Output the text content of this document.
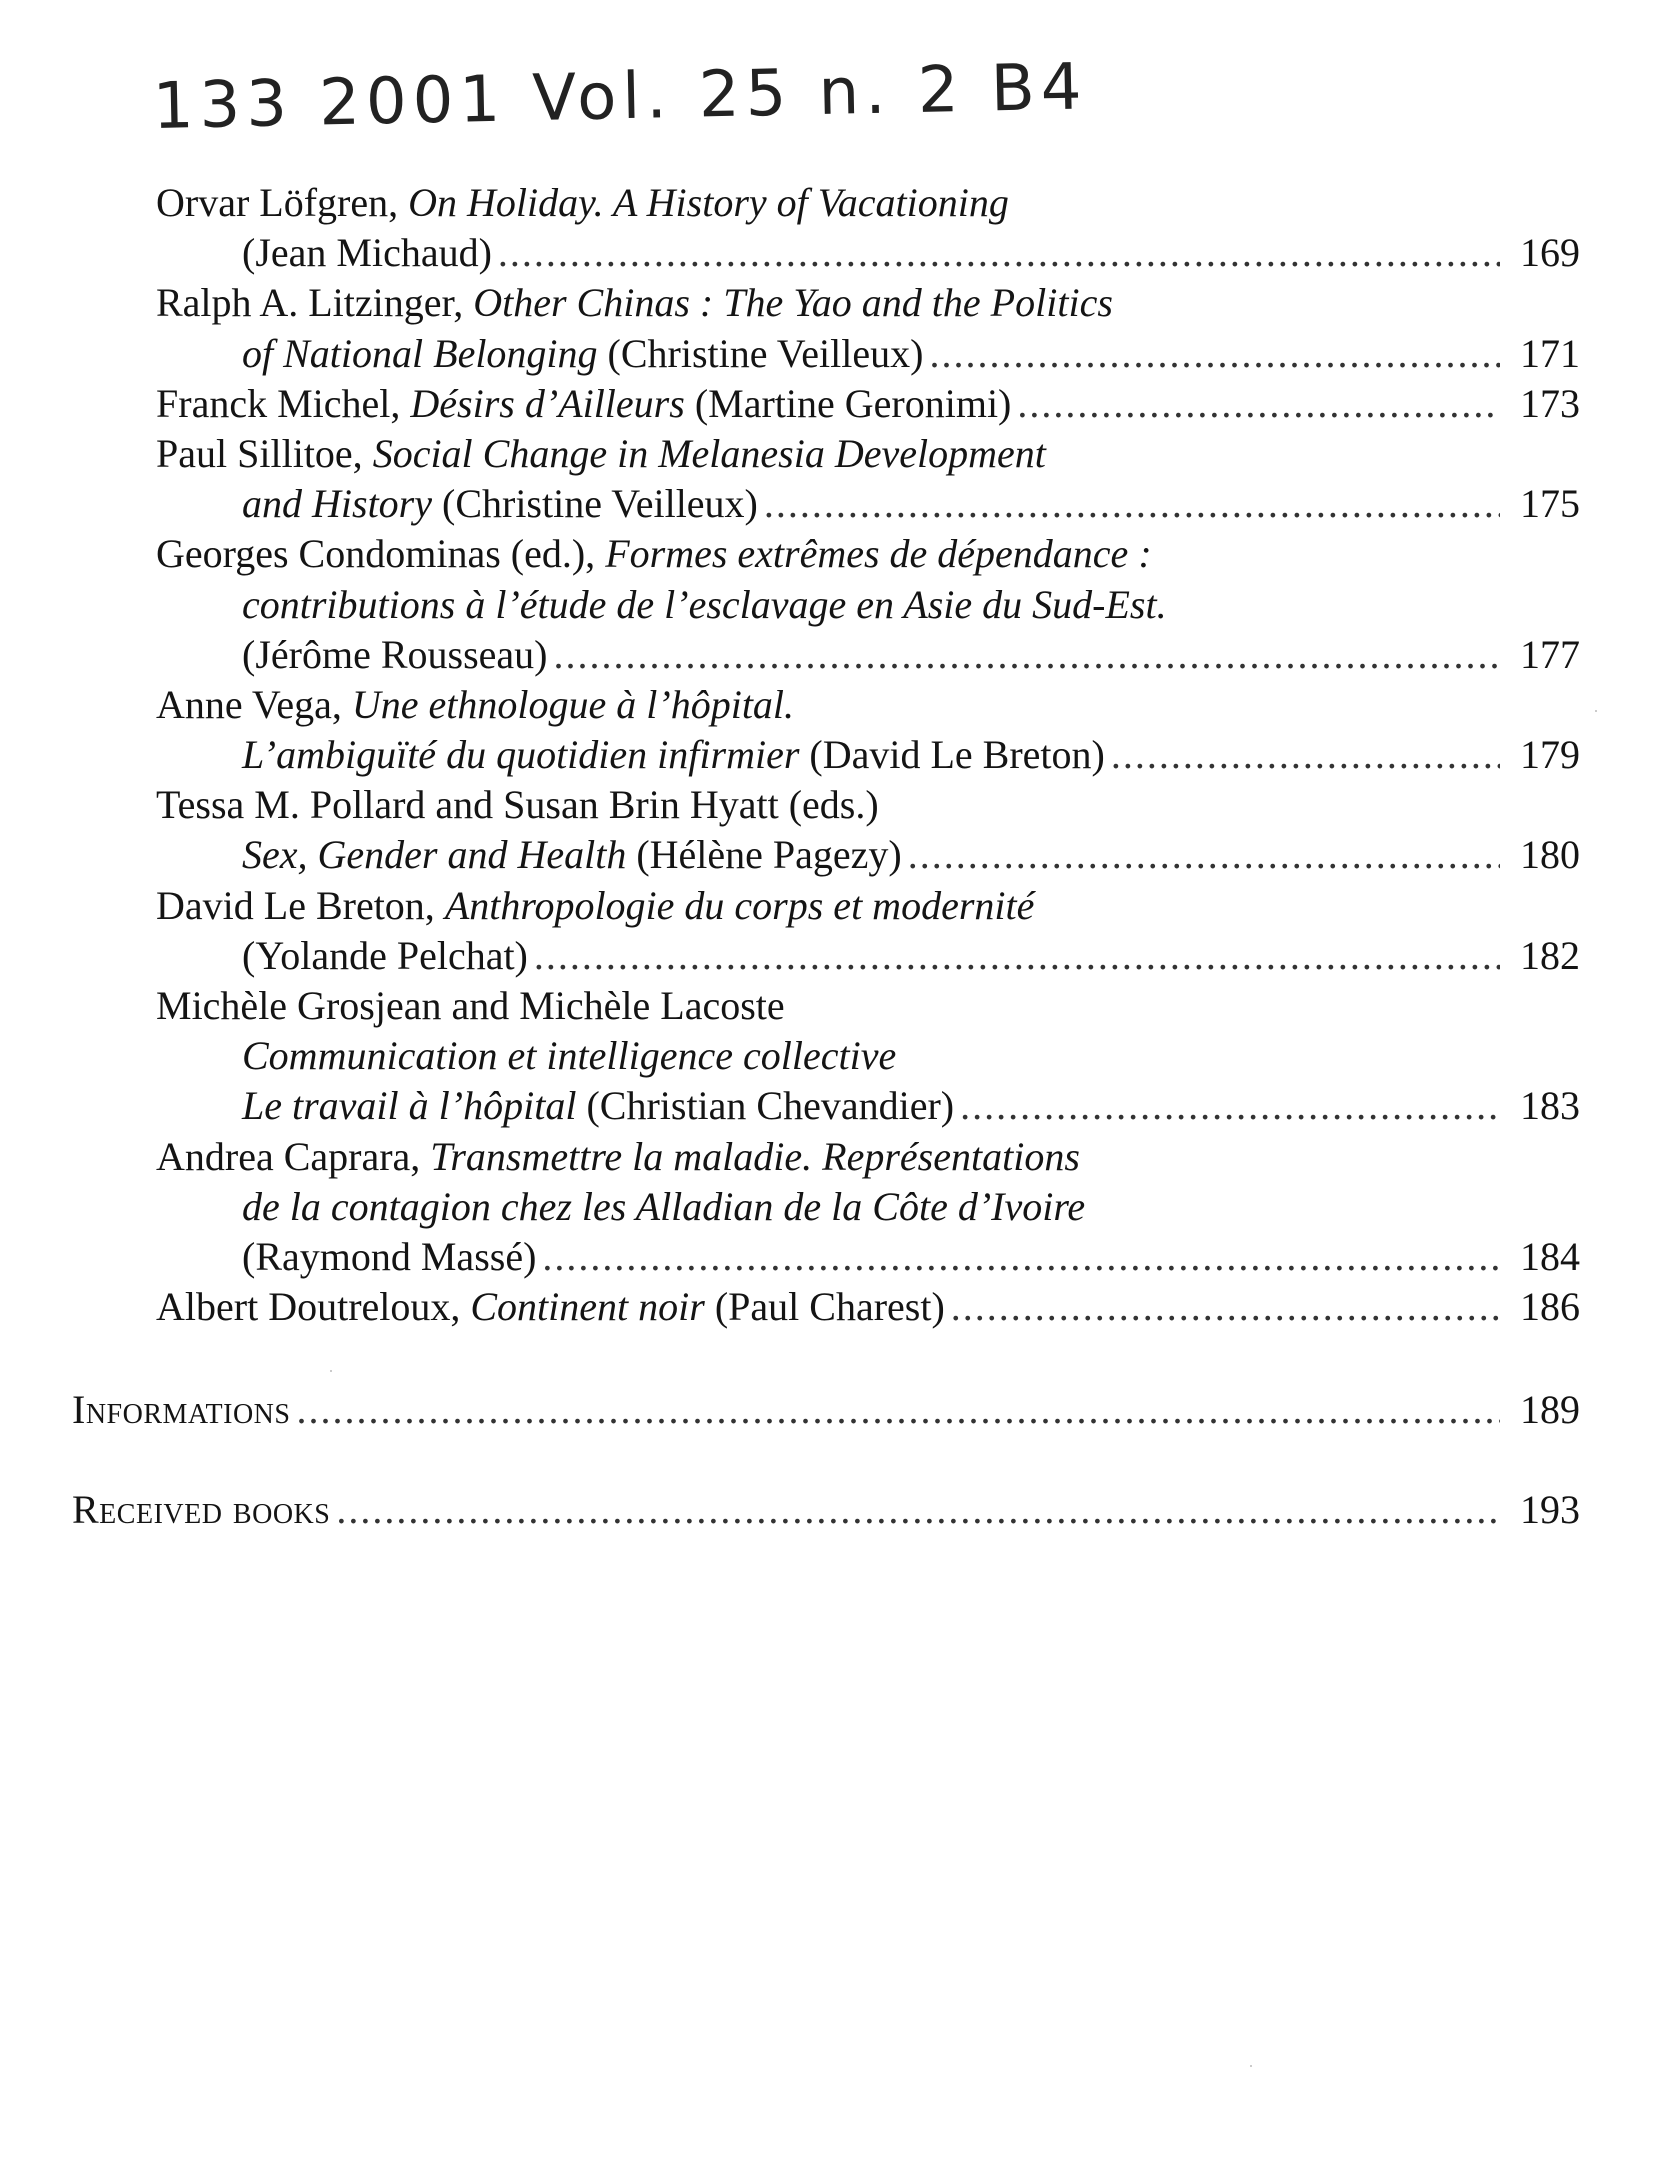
133 2001 Vol. 25 n. 2 B4
Orvar Löfgren, On Holiday. A History of Vacationing
(Jean Michaud) .....	169
Ralph A. Litzinger, Other Chinas : The Yao and the Politics
of National Belonging (Christine Veilleux) .....	171
Franck Michel, Désirs d’Ailleurs (Martine Geronimi) .....	173
Paul Sillitoe, Social Change in Melanesia Development
and History (Christine Veilleux) .....	175
Georges Condominas (ed.), Formes extrêmes de dépendance :
contributions à l’étude de l’esclavage en Asie du Sud-Est.
(Jérôme Rousseau) .....	177
Anne Vega, Une ethnologue à l’hôpital.
L’ambiguïté du quotidien infirmier (David Le Breton) .....	179
Tessa M. Pollard and Susan Brin Hyatt (eds.)
Sex, Gender and Health (Hélène Pagezy) .....	180
David Le Breton, Anthropologie du corps et modernité
(Yolande Pelchat) .....	182
Michèle Grosjean and Michèle Lacoste
Communication et intelligence collective
Le travail à l’hôpital (Christian Chevandier) .....	183
Andrea Caprara, Transmettre la maladie. Représentations
de la contagion chez les Alladian de la Côte d’Ivoire
(Raymond Massé) .....	184
Albert Doutreloux, Continent noir (Paul Charest) .....	186
Informations .....	189
Received books .....	193
